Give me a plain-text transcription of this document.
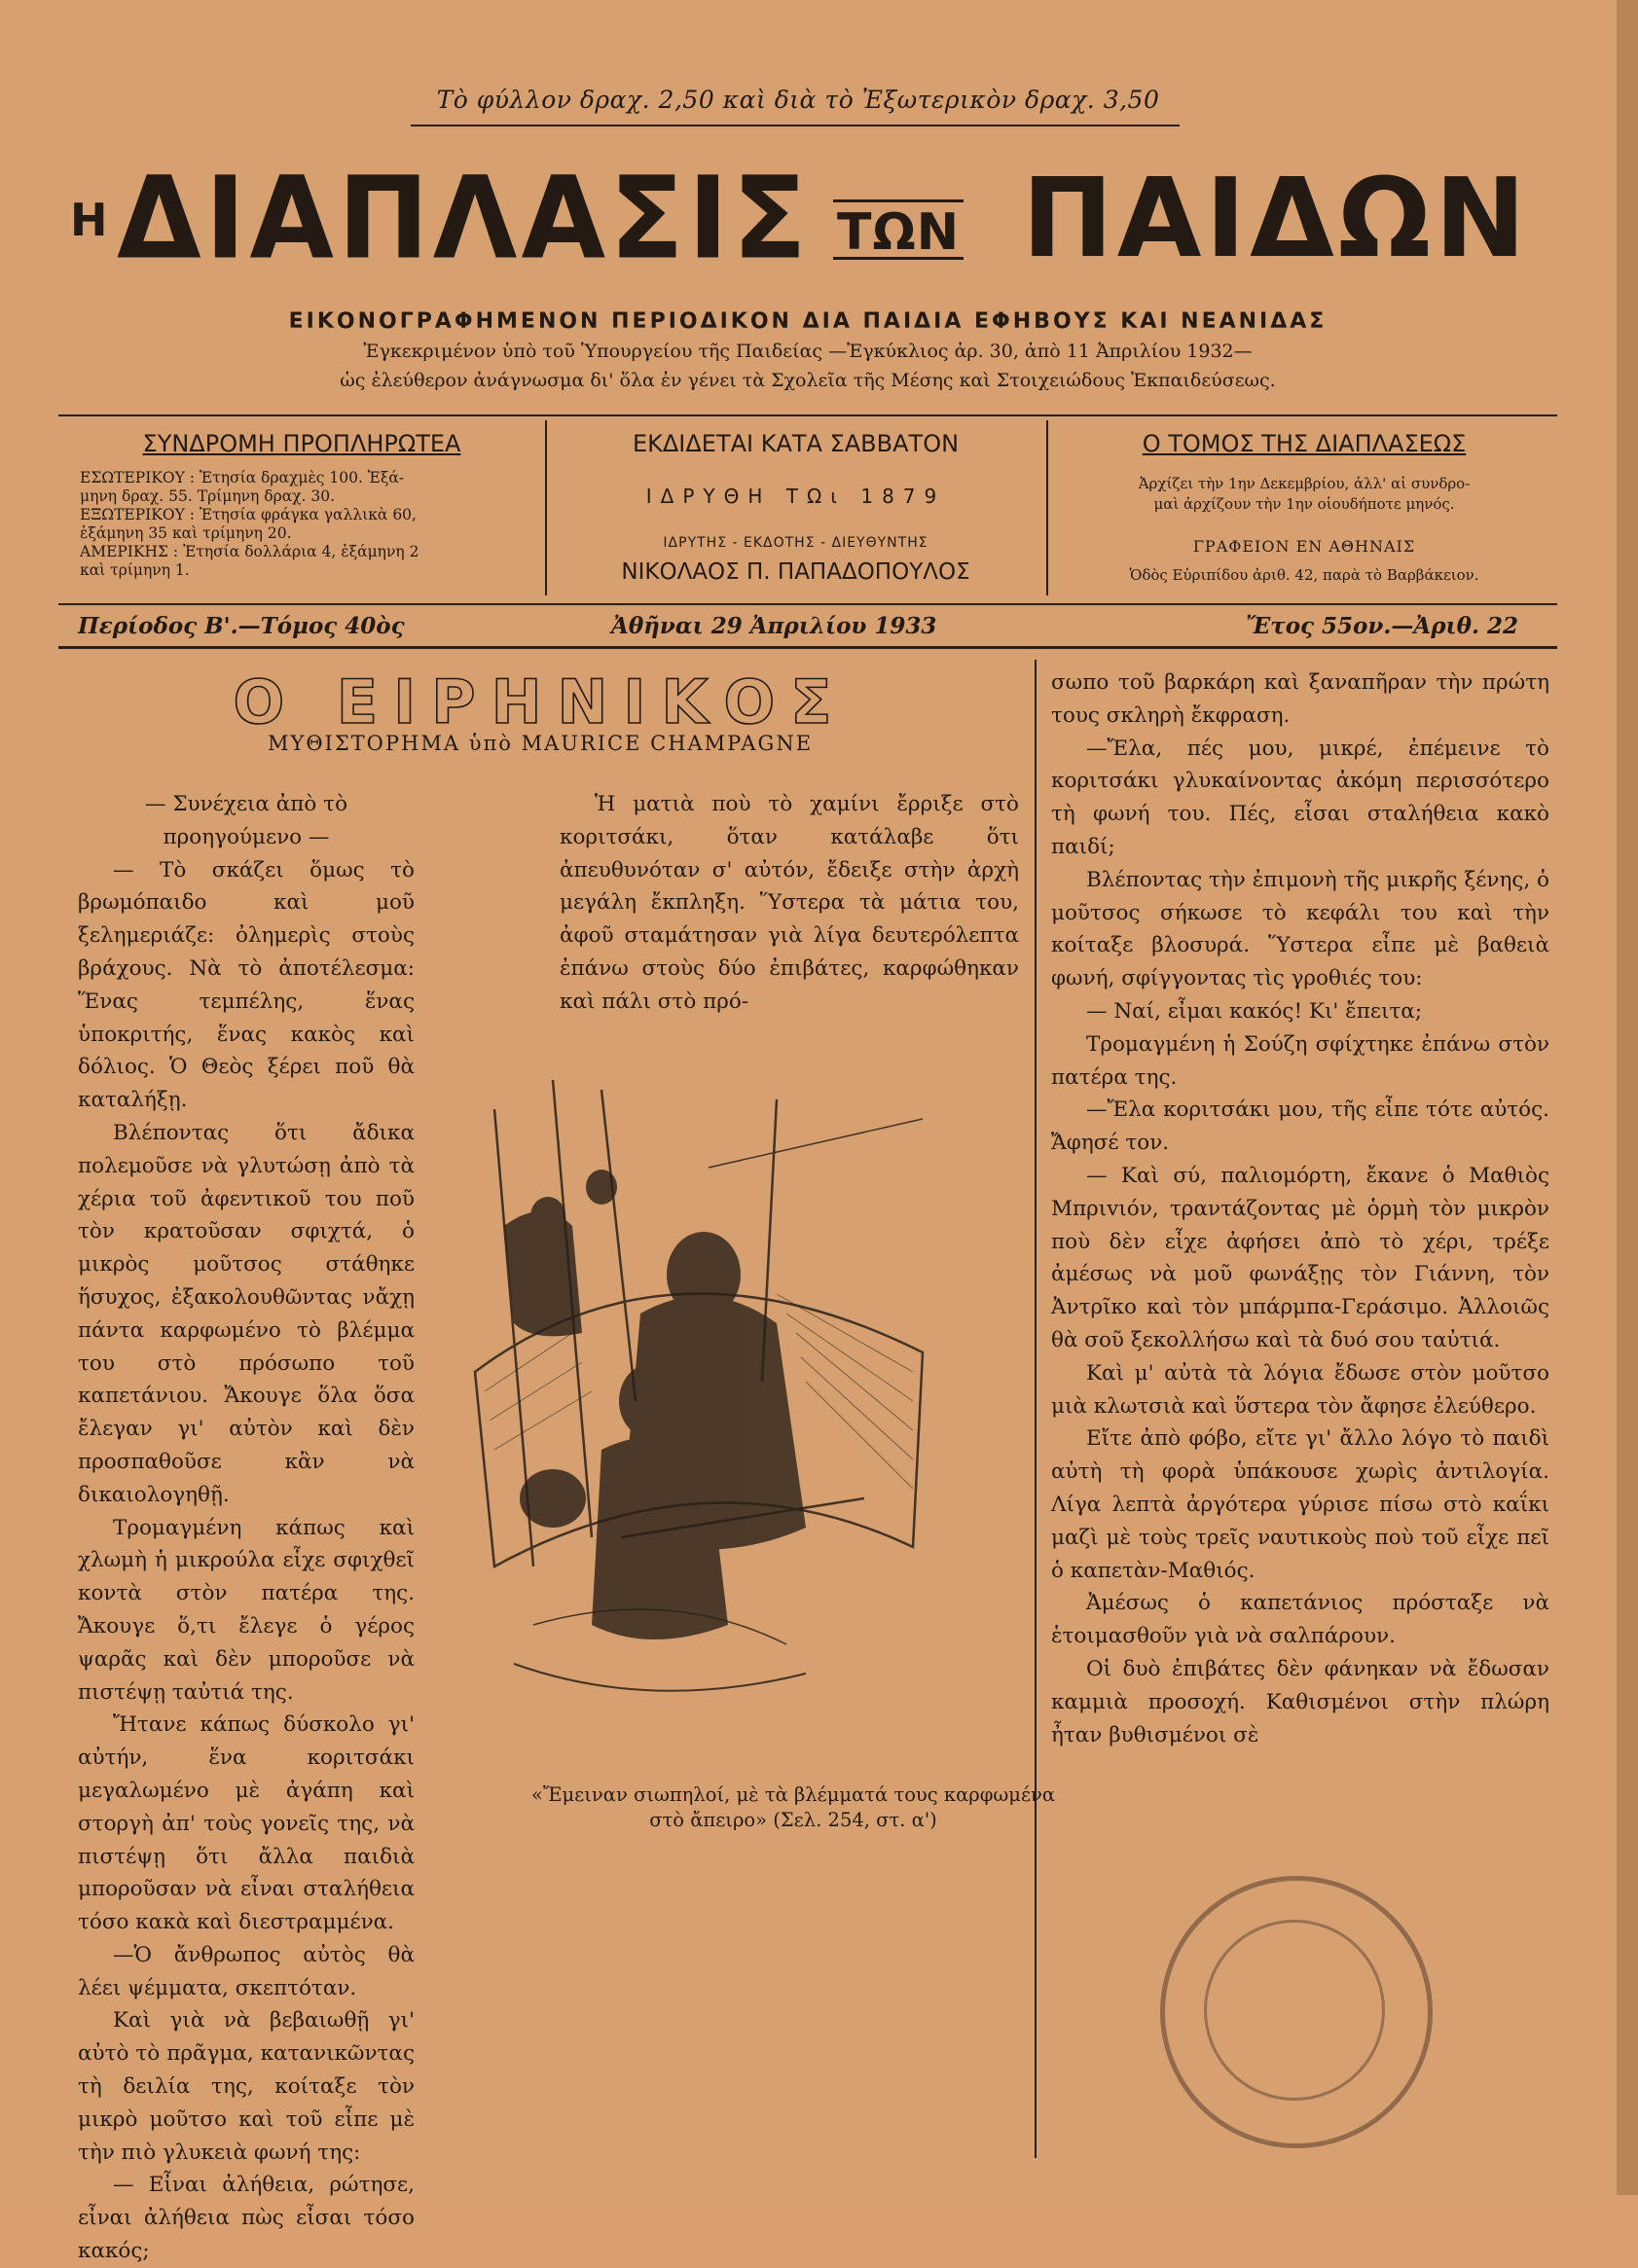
Τὸ φύλλον δραχ. 2,50 καὶ διὰ τὸ Ἐξωτερικὸν δραχ. 3,50
Η ΔΙΑΠΛΑΣΙΣ ΤΩΝ ΠΑΙΔΩΝ
ΕΙΚΟΝΟΓΡΑΦΗΜΕΝΟΝ ΠΕΡΙΟΔΙΚΟΝ ΔΙΑ ΠΑΙΔΙΑ ΕΦΗΒΟΥΣ ΚΑΙ ΝΕΑΝΙΔΑΣ
Ἐγκεκριμένον ὑπὸ τοῦ Ὑπουργείου τῆς Παιδείας —Ἐγκύκλιος ἀρ. 30, ἀπὸ 11 Ἀπριλίου 1932—
ὡς ἐλεύθερον ἀνάγνωσμα δι' ὅλα ἐν γένει τὰ Σχολεῖα τῆς Μέσης καὶ Στοιχειώδους Ἐκπαιδεύσεως.
ΣΥΝΔΡΟΜΗ ΠΡΟΠΛΗΡΩΤΕΑ
ΕΣΩΤΕΡΙΚΟΥ : Ἐτησία δραχμὲς 100. Ἑξά-
μηνη δραχ. 55. Τρίμηνη δραχ. 30.
ΕΞΩΤΕΡΙΚΟΥ : Ἐτησία φράγκα γαλλικὰ 60,
ἑξάμηνη 35 καὶ τρίμηνη 20.
ΑΜΕΡΙΚΗΣ : Ἐτησία δολλάρια 4, ἑξάμηνη 2
καὶ τρίμηνη 1.
ΕΚΔΙΔΕΤΑΙ ΚΑΤΑ ΣΑΒΒΑΤΟΝ
ΙΔΡΥΘΗ ΤΩι 1879
ΙΔΡΥΤΗΣ - ΕΚΔΟΤΗΣ - ΔΙΕΥΘΥΝΤΗΣ
ΝΙΚΟΛΑΟΣ Π. ΠΑΠΑΔΟΠΟΥΛΟΣ
Ο ΤΟΜΟΣ ΤΗΣ ΔΙΑΠΛΑΣΕΩΣ
Ἀρχίζει τὴν 1ην Δεκεμβρίου, ἀλλ' αἱ συνδρο-
μαὶ ἀρχίζουν τὴν 1ην οἱουδήποτε μηνός.
ΓΡΑΦΕΙΟΝ ΕΝ ΑΘΗΝΑΙΣ
Ὁδὸς Εὐριπίδου ἀριθ. 42, παρὰ τὸ Βαρβάκειον.
Περίοδος Β'.—Τόμος 40ὸς	Ἀθῆναι 29 Ἀπριλίου 1933	Ἔτος 55ον.—Ἀριθ. 22
Ο ΕΙΡΗΝΙΚΟΣ
ΜΥΘΙΣΤΟΡΗΜΑ ὑπὸ MAURICE CHAMPAGNE

— Συνέχεια ἀπὸ τὸ προηγούμενο —

— Τὸ σκάζει ὅμως τὸ βρωμόπαιδο καὶ μοῦ ξελημεριάζε: ὀλημερὶς στοὺς βράχους. Νὰ τὸ ἀποτέλεσμα: Ἕνας τεμπέλης, ἕνας ὑποκριτής, ἕνας κακὸς καὶ δόλιος. Ὁ Θεὸς ξέρει ποῦ θὰ καταλήξῃ.

Βλέποντας ὅτι ἄδικα πολεμοῦσε νὰ γλυτώσῃ ἀπὸ τὰ χέρια τοῦ ἀφεντικοῦ του ποῦ τὸν κρατοῦσαν σφιχτά, ὁ μικρὸς μοῦτσος στάθηκε ἥσυχος, ἐξακολουθῶντας νἄχῃ πάντα καρφωμένο τὸ βλέμμα του στὸ πρόσωπο τοῦ καπετάνιου. Ἄκουγε ὅλα ὅσα ἔλεγαν γι' αὐτὸν καὶ δὲν προσπαθοῦσε κἂν νὰ δικαιολογηθῇ.

Τρομαγμένη κάπως καὶ χλωμὴ ἡ μικρούλα εἶχε σφιχθεῖ κοντὰ στὸν πατέρα της. Ἄκουγε ὅ,τι ἔλεγε ὁ γέρος ψαρᾶς καὶ δὲν μποροῦσε νὰ πιστέψῃ ταὐτιά της.

Ἤτανε κάπως δύσκολο γι' αὐτήν, ἕνα κοριτσάκι μεγαλωμένο μὲ ἀγάπη καὶ στοργὴ ἀπ' τοὺς γονεῖς της, νὰ πιστέψῃ ὅτι ἄλλα παιδιὰ μποροῦσαν νὰ εἶναι σταλήθεια τόσο κακὰ καὶ διεστραμμένα.

—Ὁ ἄνθρωπος αὐτὸς θὰ λέει ψέμματα, σκεπτόταν.

Καὶ γιὰ νὰ βεβαιωθῇ γι' αὐτὸ τὸ πρᾶγμα, κατανικῶντας τὴ δειλία της, κοίταξε τὸν μικρὸ μοῦτσο καὶ τοῦ εἶπε μὲ τὴν πιὸ γλυκειὰ φωνή της:

— Εἶναι ἀλήθεια, ρώτησε, εἶναι ἀλήθεια πὼς εἶσαι τόσο κακός;

Ἡ ματιὰ ποὺ τὸ χαμίνι ἔρριξε στὸ κοριτσάκι, ὅταν κατάλαβε ὅτι ἀπευθυνόταν σ' αὐτόν, ἔδειξε στὴν ἀρχὴ μεγάλη ἔκπληξη. Ὕστερα τὰ μάτια του, ἀφοῦ σταμάτησαν γιὰ λίγα δευτερόλεπτα ἐπάνω στοὺς δύο ἐπιβάτες, καρφώθηκαν καὶ πάλι στὸ πρό-

«Ἔμειναν σιωπηλοί, μὲ τὰ βλέμματά τους καρφωμένα
στὸ ἄπειρο» (Σελ. 254, στ. α')

σωπο τοῦ βαρκάρη καὶ ξαναπῆραν τὴν πρώτη τους σκληρὴ ἔκφραση.

—Ἔλα, πές μου, μικρέ, ἐπέμεινε τὸ κοριτσάκι γλυκαίνοντας ἀκόμη περισσότερο τὴ φωνή του. Πές, εἶσαι σταλήθεια κακὸ παιδί;

Βλέποντας τὴν ἐπιμονὴ τῆς μικρῆς ξένης, ὁ μοῦτσος σήκωσε τὸ κεφάλι του καὶ τὴν κοίταξε βλοσυρά. Ὕστερα εἶπε μὲ βαθειὰ φωνή, σφίγγοντας τὶς γροθιές του:

— Ναί, εἶμαι κακός! Κι' ἔπειτα;

Τρομαγμένη ἡ Σούζη σφίχτηκε ἐπάνω στὸν πατέρα της.

—Ἔλα κοριτσάκι μου, τῆς εἶπε τότε αὐτός. Ἄφησέ τον.

— Καὶ σύ, παλιομόρτη, ἔκανε ὁ Μαθιὸς Μπριvιόν, τραντάζοντας μὲ ὁρμὴ τὸν μικρὸν ποὺ δὲν εἶχε ἀφήσει ἀπὸ τὸ χέρι, τρέξε ἀμέσως νὰ μοῦ φωνάξῃς τὸν Γιάννη, τὸν Ἀντρῖκο καὶ τὸν μπάρμπα-Γεράσιμο. Ἀλλοιῶς θὰ σοῦ ξεκολλήσω καὶ τὰ δυό σου ταὐτιά.

Καὶ μ' αὐτὰ τὰ λόγια ἔδωσε στὸν μοῦτσο μιὰ κλωτσιὰ καὶ ὕστερα τὸν ἄφησε ἐλεύθερο.

Εἴτε ἀπὸ φόβο, εἴτε γι' ἄλλο λόγο τὸ παιδὶ αὐτὴ τὴ φορὰ ὑπάκουσε χωρὶς ἀντιλογία. Λίγα λεπτὰ ἀργότερα γύρισε πίσω στὸ καΐκι μαζὶ μὲ τοὺς τρεῖς ναυτικοὺς ποὺ τοῦ εἶχε πεῖ ὁ καπετὰν-Μαθιός.

Ἀμέσως ὁ καπετάνιος πρόσταξε νὰ ἑτοιμασθοῦν γιὰ νὰ σαλπάρουν.

Οἱ δυὸ ἐπιβάτες δὲν φάνηκαν νὰ ἔδωσαν καμμιὰ προσοχή. Καθισμένοι στὴν πλώρη ἦταν βυθισμένοι σὲ
